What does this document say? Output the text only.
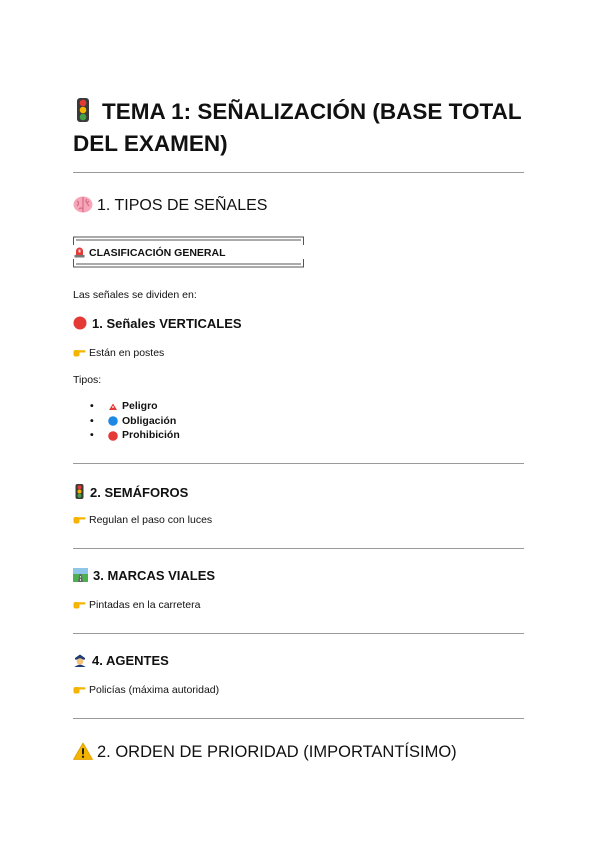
TEMA 1: SEÑALIZACIÓN (BASE TOTAL DEL EXAMEN)
1. TIPOS DE SEÑALES
CLASIFICACIÓN GENERAL
Las señales se dividen en:
1. Señales VERTICALES
Están en postes
Tipos:
•	Peligro
•	Obligación
•	Prohibición
2. SEMÁFOROS
Regulan el paso con luces
3. MARCAS VIALES
Pintadas en la carretera
4. AGENTES
Policías (máxima autoridad)
2. ORDEN DE PRIORIDAD (IMPORTANTÍSIMO)
